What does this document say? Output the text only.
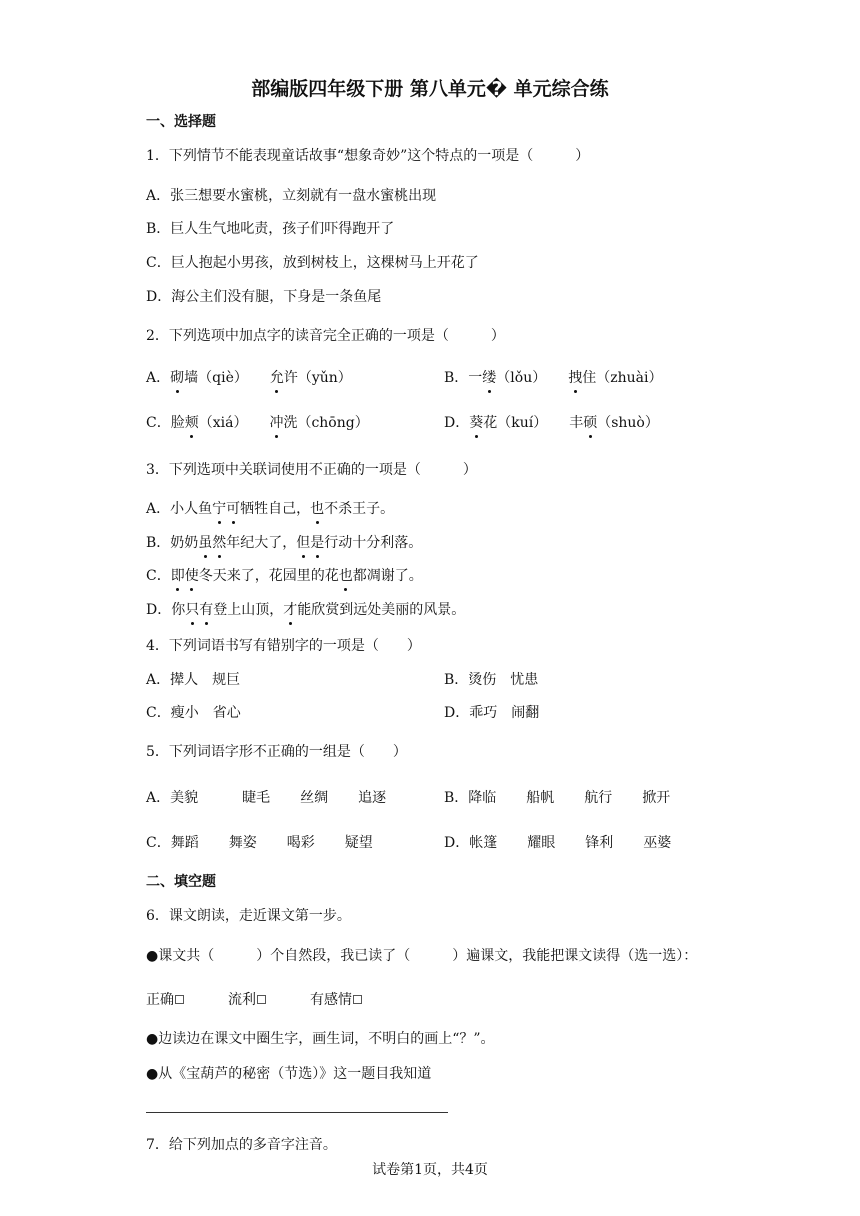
部编版四年级下册 第八单元� 单元综合练
一、选择题
1．下列情节不能表现童话故事“想象奇妙”这个特点的一项是（　　　）
A．张三想要水蜜桃，立刻就有一盘水蜜桃出现
B．巨人生气地叱责，孩子们吓得跑开了
C．巨人抱起小男孩，放到树枝上，这棵树马上开花了
D．海公主们没有腿，下身是一条鱼尾
2．下列选项中加点字的读音完全正确的一项是（　　　）
A．砌墙（qiè） 允许（yǔn）	B．一缕（lǒu） 拽住（zhuài）
C．脸颊（xiá） 冲洗（chōng）	D．葵花（kuí） 丰硕（shuò）
3．下列选项中关联词使用不正确的一项是（　　　）
A．小人鱼宁可牺牲自己，也不杀王子。
B．奶奶虽然年纪大了，但是行动十分利落。
C．即使冬天来了，花园里的花也都凋谢了。
D．你只有登上山顶，才能欣赏到远处美丽的风景。
4．下列词语书写有错别字的一项是（　　）
A．撵人　规巨	B．烫伤　忧患
C．瘦小　省心	D．乖巧　闹翻
5．下列词语字形不正确的一组是（　　）
A．美貌	睫毛 丝绸 追逐	B．降临 船帆 航行 掀开
C．舞蹈 舞姿 喝彩 疑望	D．帐篷 耀眼 锋利 巫婆
二、填空题
6．课文朗读，走近课文第一步。
●课文共（　　　）个自然段，我已读了（　　　）遍课文，我能把课文读得（选一选）：
正确	流利	有感情
●边读边在课文中圈生字，画生词，不明白的画上“？”。
●从《宝葫芦的秘密（节选）》这一题目我知道
7．给下列加点的多音字注音。
试卷第1页，共4页
